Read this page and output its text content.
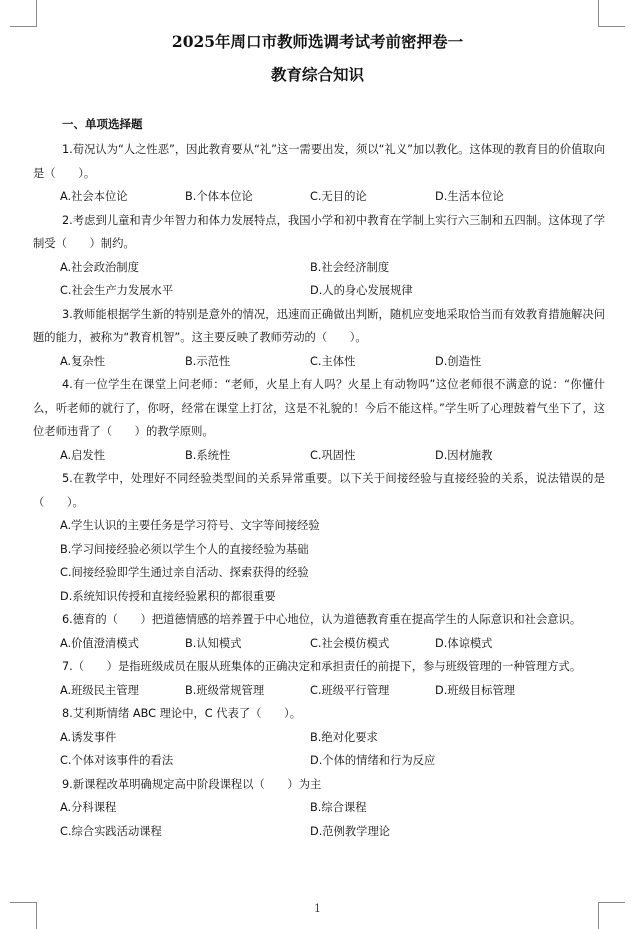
2025年周口市教师选调考试考前密押卷一
教育综合知识
一、单项选择题

1.荀况认为“人之性恶”，因此教育要从“礼”这一需要出发，须以“礼义”加以教化。这体现的教育目的价值取向是（　　）。

A.社会本位论	B.个体本位论	C.无目的论	D.生活本位论

2.考虑到儿童和青少年智力和体力发展特点，我国小学和初中教育在学制上实行六三制和五四制。这体现了学制受（　　）制约。

A.社会政治制度	B.社会经济制度
C.社会生产力发展水平	D.人的身心发展规律

3.教师能根据学生新的特别是意外的情况，迅速而正确做出判断，随机应变地采取恰当而有效教育措施解决问题的能力，被称为“教育机智”。这主要反映了教师劳动的（　　）。

A.复杂性	B.示范性	C.主体性	D.创造性

4.有一位学生在课堂上问老师：“老师，火星上有人吗？火星上有动物吗”这位老师很不满意的说：“你懂什么，听老师的就行了，你呀，经常在课堂上打岔，这是不礼貌的！今后不能这样。”学生听了心理鼓着气坐下了，这位老师违背了（　　）的教学原则。

A.启发性	B.系统性	C.巩固性	D.因材施教

5.在教学中，处理好不同经验类型间的关系异常重要。以下关于间接经验与直接经验的关系，说法错误的是（　　）。

A.学生认识的主要任务是学习符号、文字等间接经验
B.学习间接经验必须以学生个人的直接经验为基础
C.间接经验即学生通过亲自活动、探索获得的经验
D.系统知识传授和直接经验累积的都很重要

6.德育的（　　）把道德情感的培养置于中心地位，认为道德教育重在提高学生的人际意识和社会意识。

A.价值澄清模式	B.认知模式	C.社会模仿模式	D.体谅模式

7.（　　）是指班级成员在服从班集体的正确决定和承担责任的前提下，参与班级管理的一种管理方式。

A.班级民主管理	B.班级常规管理	C.班级平行管理	D.班级目标管理

8.艾利斯情绪 ABC 理论中，C 代表了（　　）。

A.诱发事件	B.绝对化要求
C.个体对该事件的看法	D.个体的情绪和行为反应

9.新课程改革明确规定高中阶段课程以（　　）为主

A.分科课程	B.综合课程
C.综合实践活动课程	D.范例教学理论
1
